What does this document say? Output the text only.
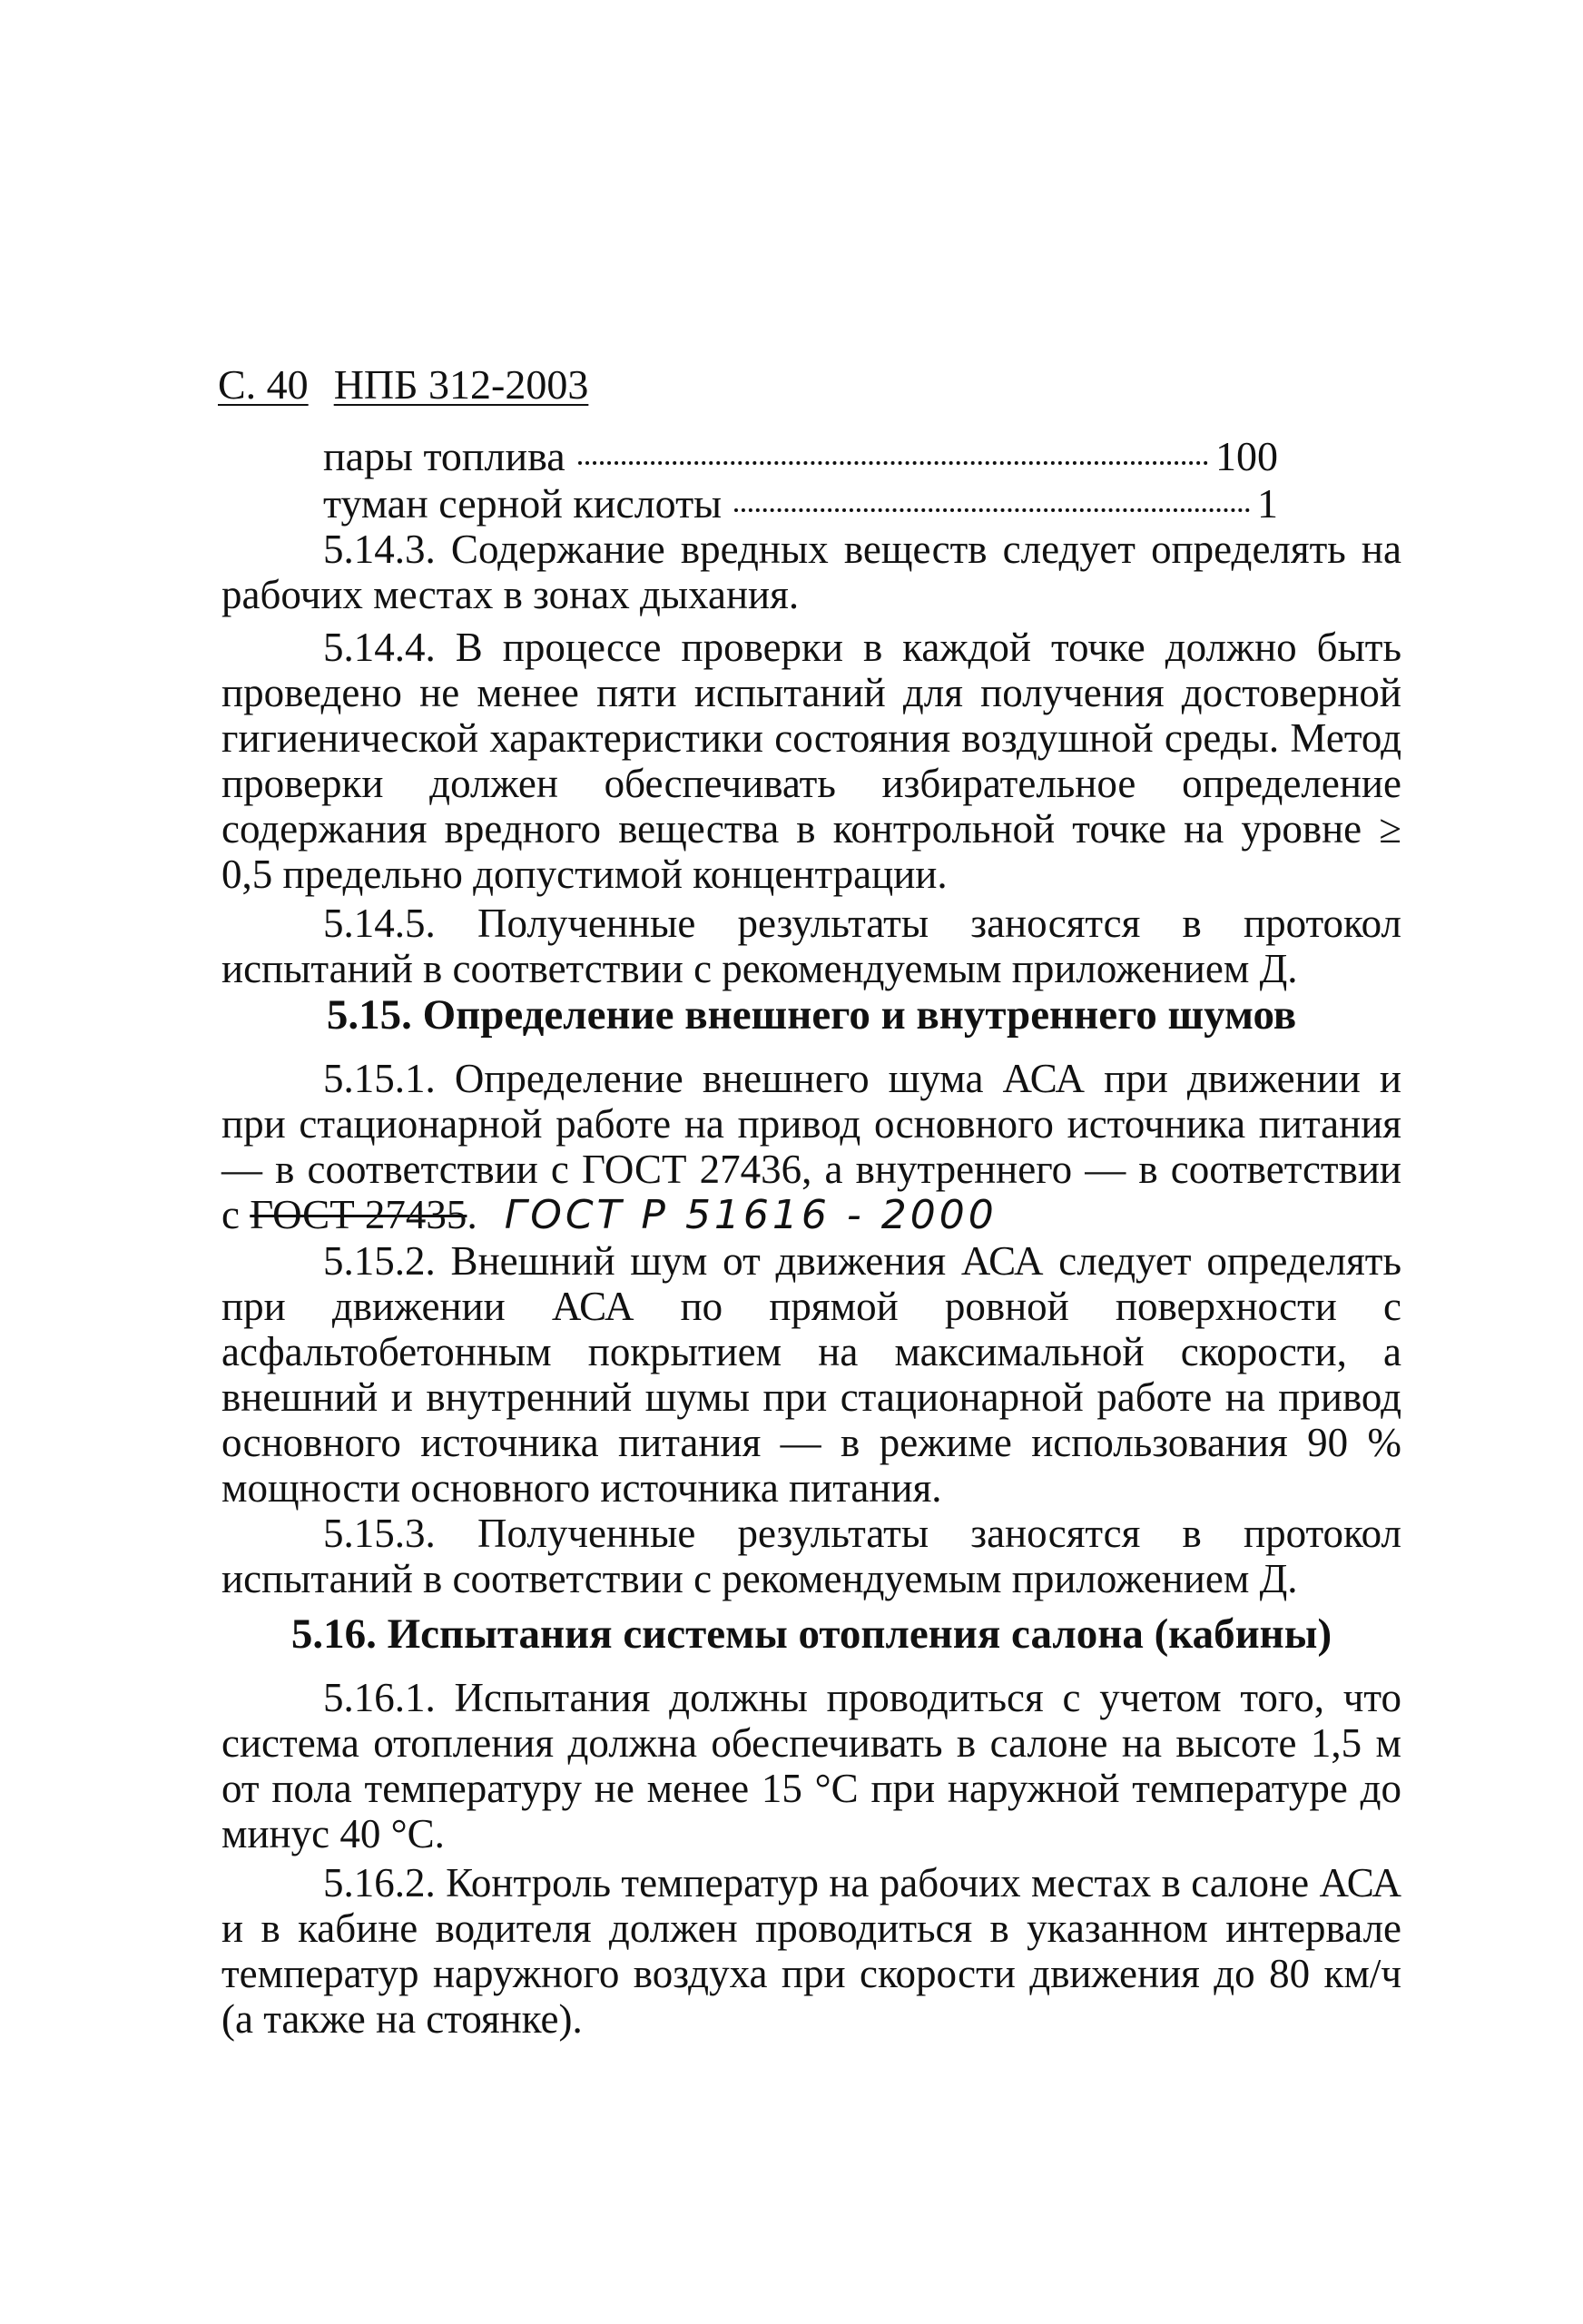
С. 40 НПБ 312-2003
пары топлива	100
туман серной кислоты	1

5.14.3. Содержание вредных веществ следует определять на рабочих местах в зонах дыхания.

5.14.4. В процессе проверки в каждой точке должно быть проведено не менее пяти испытаний для получения достоверной гигиенической характеристики состояния воздушной среды. Метод проверки должен обеспечивать избирательное определение содержания вредного вещества в контрольной точке на уровне ≥ 0,5 предельно допустимой концентрации.

5.14.5. Полученные результаты заносятся в протокол испытаний в соответствии с рекомендуемым приложением Д.

5.15. Определение внешнего и внутреннего шумов

5.15.1. Определение внешнего шума АСА при движении и при стационарной работе на привод основного источника питания — в соответствии с ГОСТ 27436, а внутреннего — в соответствии с ГОСТ 27435. ГОСТ Р 51616 - 2000

5.15.2. Внешний шум от движения АСА следует определять при движении АСА по прямой ровной поверхности с асфальтобетонным покрытием на максимальной скорости, а внешний и внутренний шумы при стационарной работе на привод основного источника питания — в режиме использования 90 % мощности основного источника питания.

5.15.3. Полученные результаты заносятся в протокол испытаний в соответствии с рекомендуемым приложением Д.

5.16. Испытания системы отопления салона (кабины)

5.16.1. Испытания должны проводиться с учетом того, что система отопления должна обеспечивать в салоне на высоте 1,5 м от пола температуру не менее 15 °С при наружной температуре до минус 40 °С.

5.16.2. Контроль температур на рабочих местах в салоне АСА и в кабине водителя должен проводиться в указанном интервале температур наружного воздуха при скорости движения до 80 км/ч (а также на стоянке).
